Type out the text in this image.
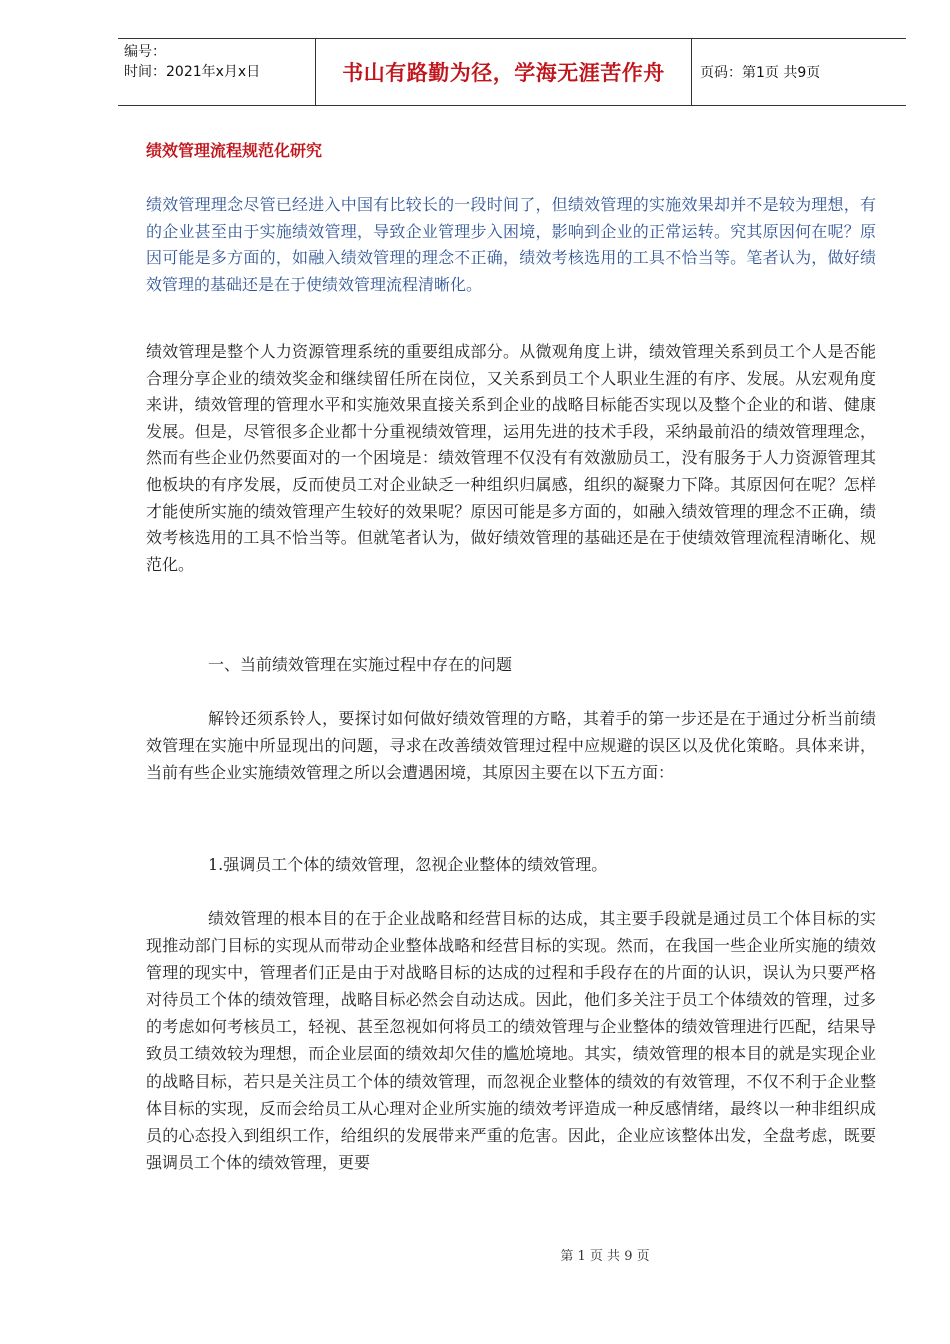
编号：
时间：2021年x月x日	书山有路勤为径，学海无涯苦作舟	页码：第1页 共9页
绩效管理流程规范化研究

绩效管理理念尽管已经进入中国有比较长的一段时间了，但绩效管理的实施效果却并不是较为理想，有的企业甚至由于实施绩效管理，导致企业管理步入困境，影响到企业的正常运转。究其原因何在呢？原因可能是多方面的，如融入绩效管理的理念不正确，绩效考核选用的工具不恰当等。笔者认为，做好绩效管理的基础还是在于使绩效管理流程清晰化。

绩效管理是整个人力资源管理系统的重要组成部分。从微观角度上讲，绩效管理关系到员工个人是否能合理分享企业的绩效奖金和继续留任所在岗位，又关系到员工个人职业生涯的有序、发展。从宏观角度来讲，绩效管理的管理水平和实施效果直接关系到企业的战略目标能否实现以及整个企业的和谐、健康发展。但是，尽管很多企业都十分重视绩效管理，运用先进的技术手段，采纳最前沿的绩效管理理念，然而有些企业仍然要面对的一个困境是：绩效管理不仅没有有效激励员工，没有服务于人力资源管理其他板块的有序发展，反而使员工对企业缺乏一种组织归属感，组织的凝聚力下降。其原因何在呢？怎样才能使所实施的绩效管理产生较好的效果呢？原因可能是多方面的，如融入绩效管理的理念不正确，绩效考核选用的工具不恰当等。但就笔者认为，做好绩效管理的基础还是在于使绩效管理流程清晰化、规范化。

一、当前绩效管理在实施过程中存在的问题

解铃还须系铃人，要探讨如何做好绩效管理的方略，其着手的第一步还是在于通过分析当前绩效管理在实施中所显现出的问题，寻求在改善绩效管理过程中应规避的误区以及优化策略。具体来讲，当前有些企业实施绩效管理之所以会遭遇困境，其原因主要在以下五方面：

1.强调员工个体的绩效管理，忽视企业整体的绩效管理。

绩效管理的根本目的在于企业战略和经营目标的达成，其主要手段就是通过员工个体目标的实现推动部门目标的实现从而带动企业整体战略和经营目标的实现。然而，在我国一些企业所实施的绩效管理的现实中，管理者们正是由于对战略目标的达成的过程和手段存在的片面的认识，误认为只要严格对待员工个体的绩效管理，战略目标必然会自动达成。因此，他们多关注于员工个体绩效的管理，过多的考虑如何考核员工，轻视、甚至忽视如何将员工的绩效管理与企业整体的绩效管理进行匹配，结果导致员工绩效较为理想，而企业层面的绩效却欠佳的尴尬境地。其实，绩效管理的根本目的就是实现企业的战略目标，若只是关注员工个体的绩效管理，而忽视企业整体的绩效的有效管理，不仅不利于企业整体目标的实现，反而会给员工从心理对企业所实施的绩效考评造成一种反感情绪，最终以一种非组织成员的心态投入到组织工作，给组织的发展带来严重的危害。因此，企业应该整体出发，全盘考虑，既要强调员工个体的绩效管理，更要

第 1 页 共 9 页
